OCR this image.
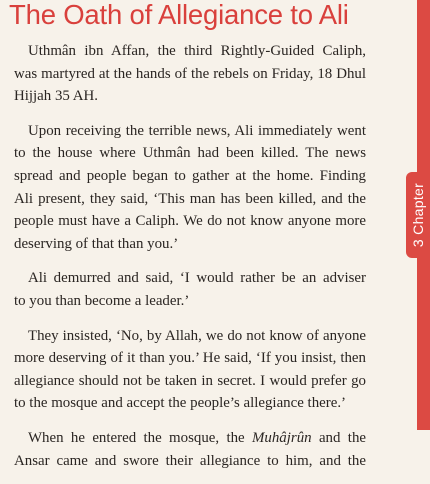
The Oath of Allegiance to Ali

Uthmân ibn Affan, the third Rightly-Guided Caliph,
was martyred at the hands of the rebels on Friday, 18 Dhul
Hijjah 35 AH.

Upon receiving the terrible news, Ali immediately went
to the house where Uthmân had been killed. The news
spread and people began to gather at the home. Finding
Ali present, they said, ‘This man has been killed, and the
people must have a Caliph. We do not know anyone more
deserving of that than you.’

Ali demurred and said, ‘I would rather be an adviser
to you than become a leader.’

They insisted, ‘No, by Allah, we do not know of anyone
more deserving of it than you.’ He said, ‘If you insist, then
allegiance should not be taken in secret. I would prefer go
to the mosque and accept the people’s allegiance there.’

When he entered the mosque, the Muhâjrûn and the
Ansar came and swore their allegiance to him, and the

3 Chapter
